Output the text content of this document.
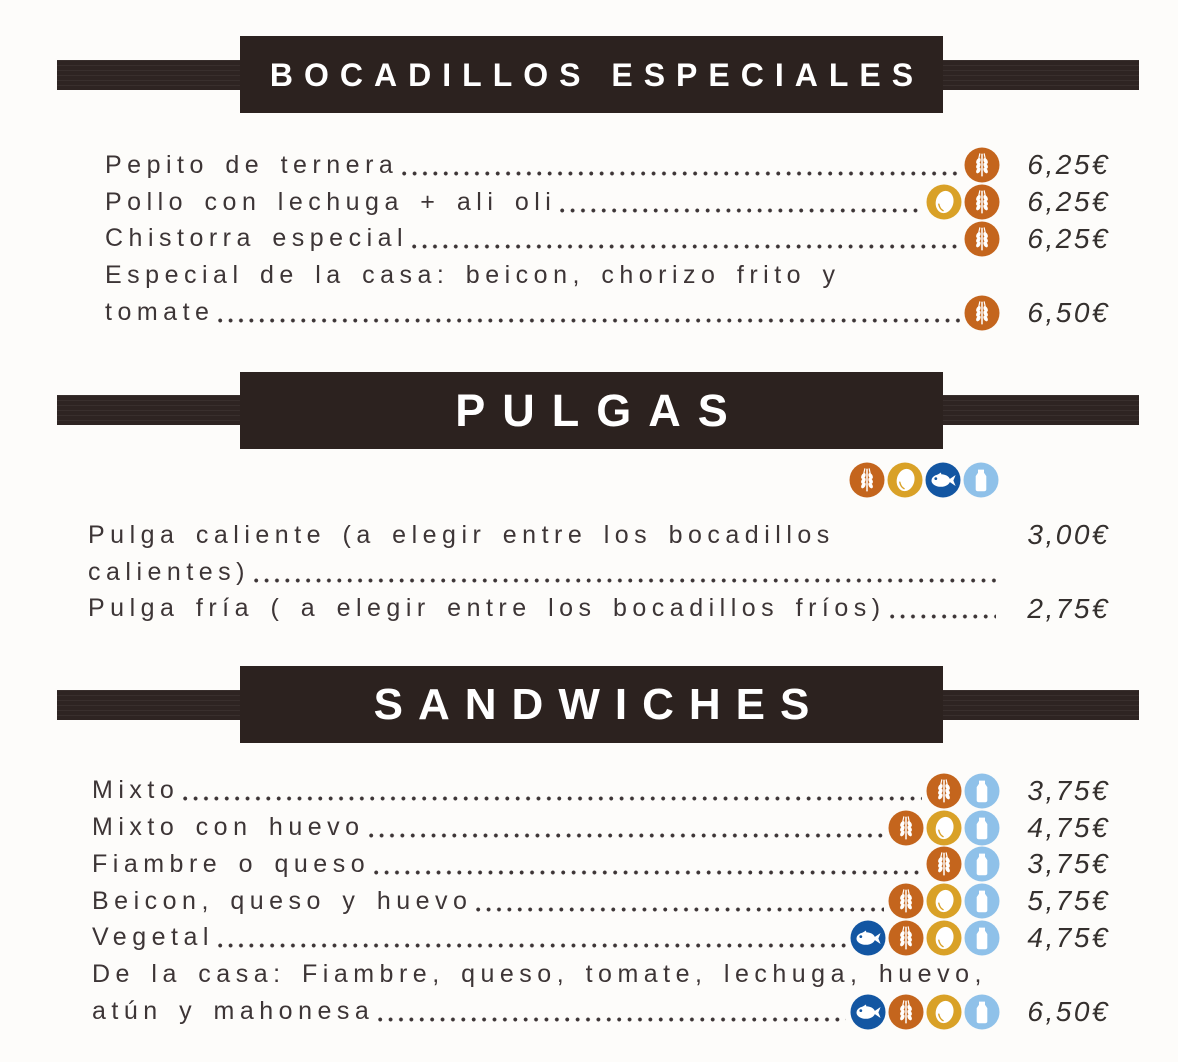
BOCADILLOS ESPECIALES
Pepito de ternera	6,25€
Pollo con lechuga + ali oli	6,25€
Chistorra especial	6,25€
Especial de la casa: beicon, chorizo frito y
tomate	6,50€
PULGAS
Pulga caliente (a elegir entre los bocadillos	3,00€
calientes)
Pulga fría ( a elegir entre los bocadillos fríos)	2,75€
SANDWICHES
Mixto	3,75€
Mixto con huevo	4,75€
Fiambre o queso	3,75€
Beicon, queso y huevo	5,75€
Vegetal	4,75€
De la casa: Fiambre, queso, tomate, lechuga, huevo,
atún y mahonesa	6,50€
